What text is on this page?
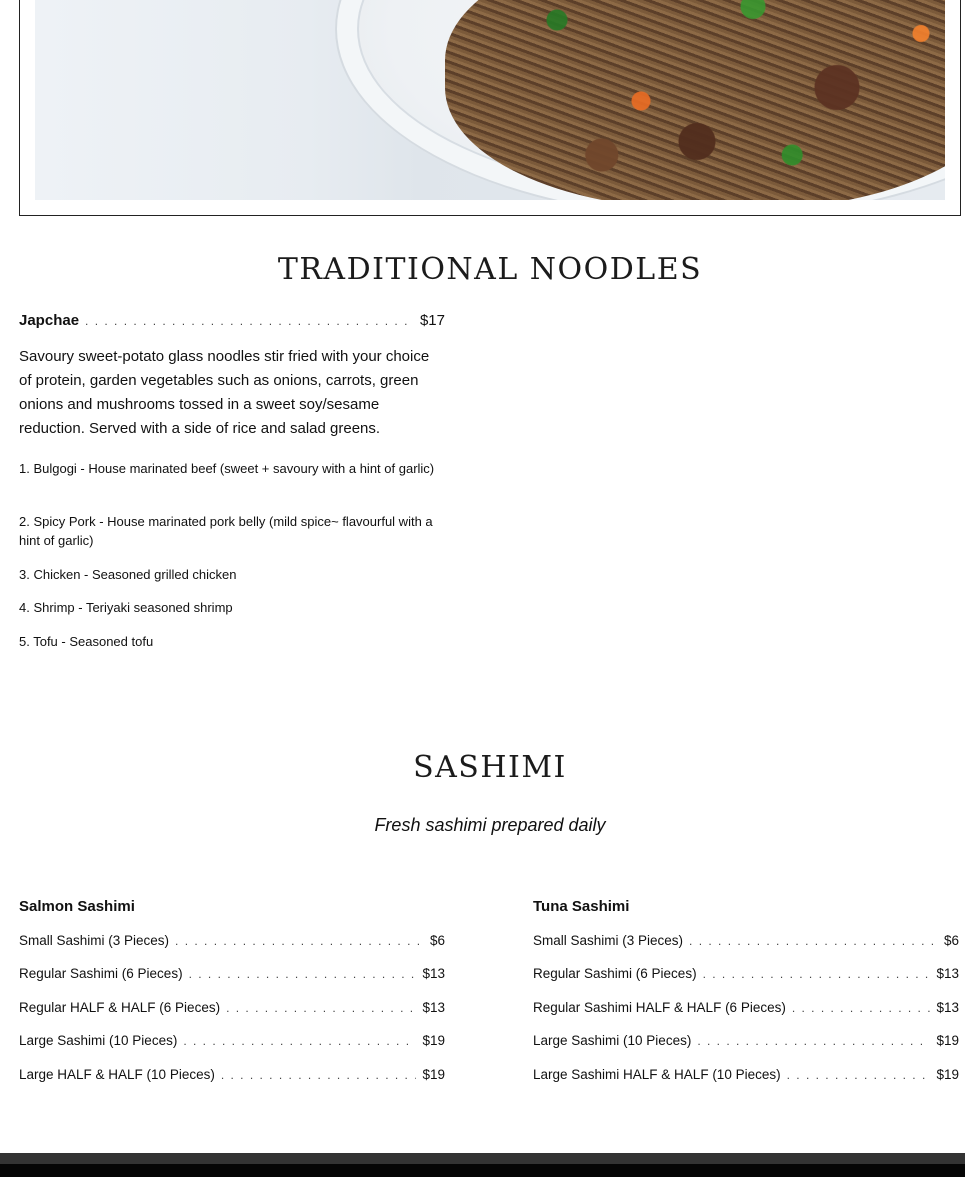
TRADITIONAL NOODLES
Japchae . . .	$17

Savoury sweet-potato glass noodles stir fried with your choice of protein, garden vegetables such as onions, carrots, green onions and mushrooms tossed in a sweet soy/sesame reduction. Served with a side of rice and salad greens.

1. Bulgogi - House marinated beef (sweet + savoury with a hint of garlic)

2. Spicy Pork - House marinated pork belly (mild spice~ flavourful with a hint of garlic)

3. Chicken - Seasoned grilled chicken

4. Shrimp - Teriyaki seasoned shrimp

5. Tofu - Seasoned tofu

SASHIMI

Fresh sashimi prepared daily

Salmon Sashimi	Tuna Sashimi
Small Sashimi (3 Pieces) . . .	$6
Regular Sashimi (6 Pieces) . . .	$13
Regular HALF & HALF (6 Pieces) . . .	$13
Large Sashimi (10 Pieces) . . .	$19
Large HALF & HALF (10 Pieces) . . .	$19
Small Sashimi (3 Pieces) . . .	$6
Regular Sashimi (6 Pieces) . . .	$13
Regular Sashimi HALF & HALF (6 Pieces) . . .	$13
Large Sashimi (10 Pieces) . . .	$19
Large Sashimi HALF & HALF (10 Pieces) . . .	$19
